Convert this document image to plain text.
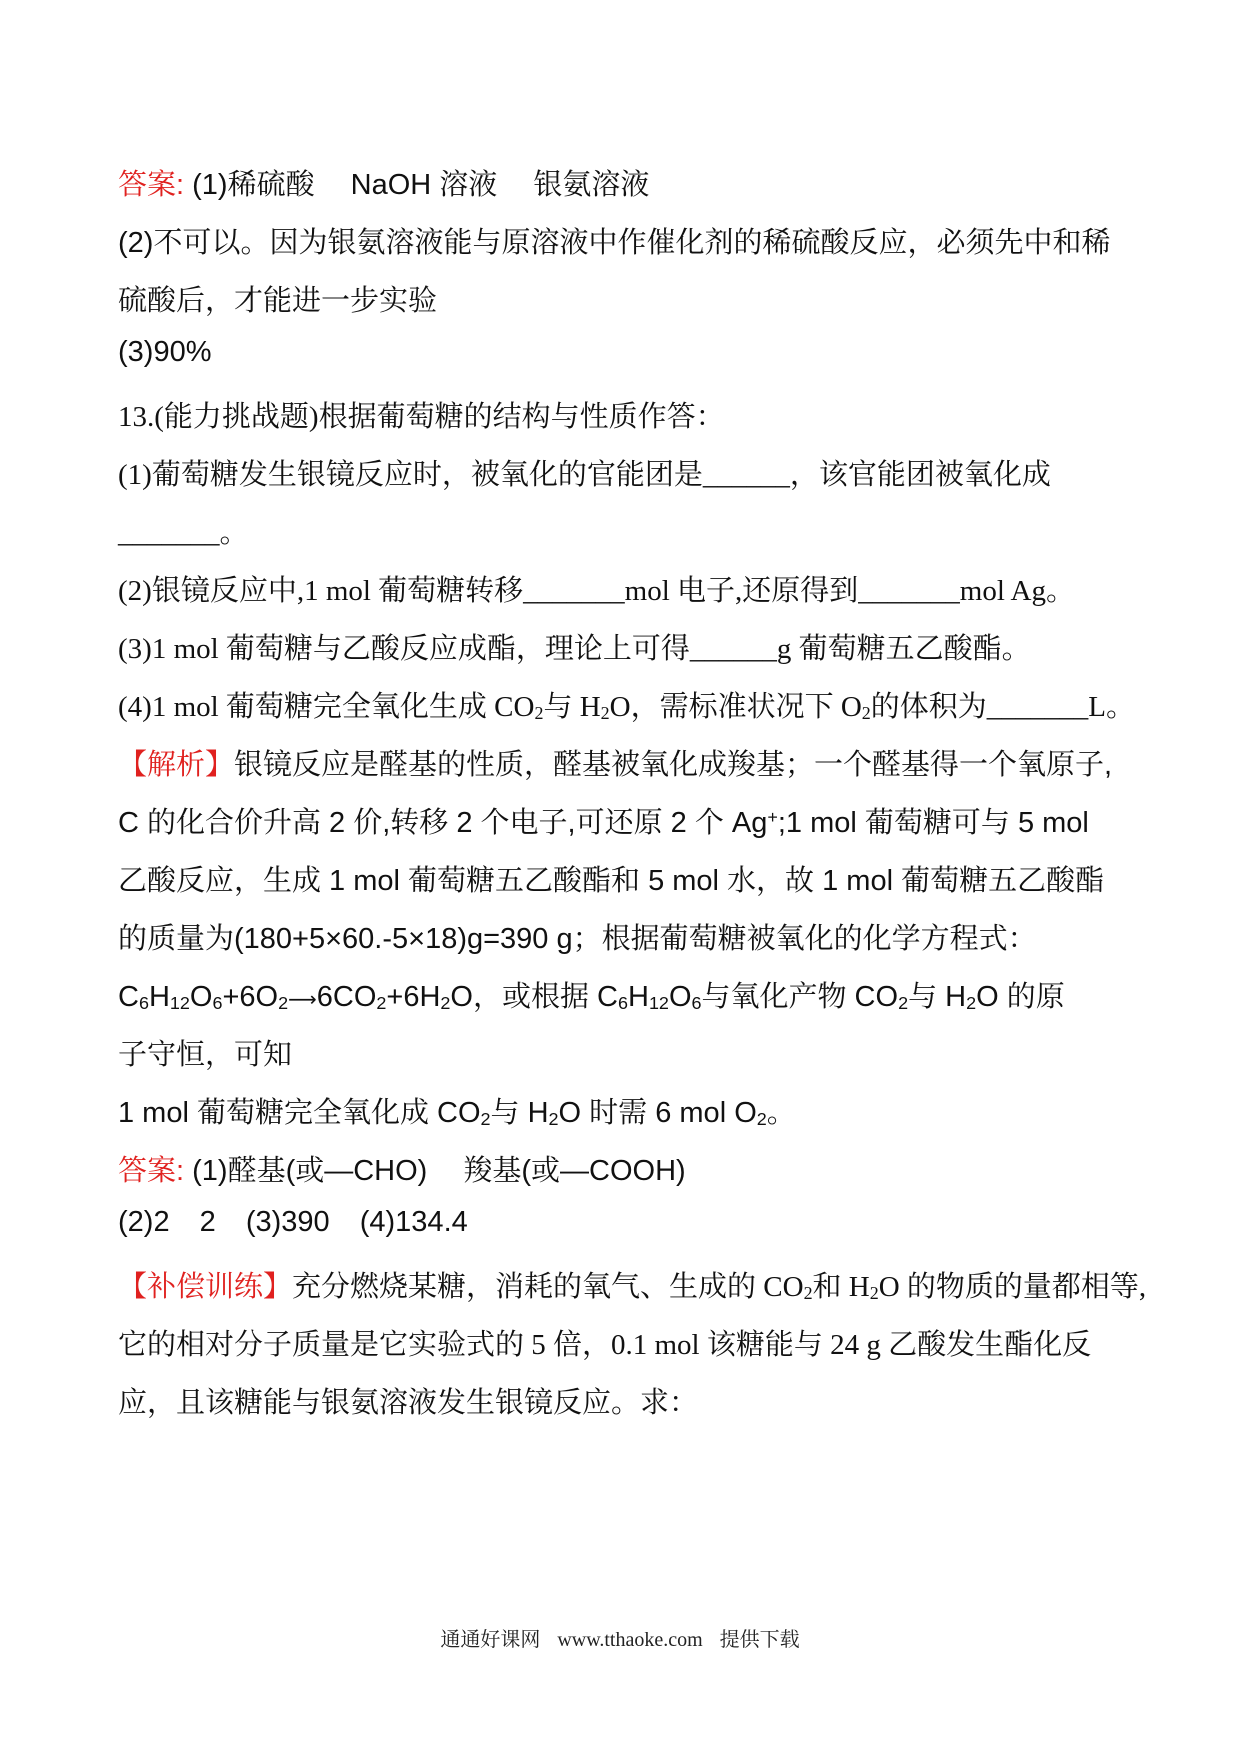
答案: (1)稀硫酸 NaOH 溶液 银氨溶液
(2)不可以。因为银氨溶液能与原溶液中作催化剂的稀硫酸反应，必须先中和稀
硫酸后，才能进一步实验
(3)90%
13.(能力挑战题)根据葡萄糖的结构与性质作答：
(1)葡萄糖发生银镜反应时，被氧化的官能团是______，该官能团被氧化成
_______。
(2)银镜反应中,1 mol 葡萄糖转移_______mol 电子,还原得到_______mol Ag。
(3)1 mol 葡萄糖与乙酸反应成酯，理论上可得______g 葡萄糖五乙酸酯。
(4)1 mol 葡萄糖完全氧化生成 $CO_2$与 $H_2O$，需标准状况下 $O_2$的体积为_______L。
【解析】银镜反应是醛基的性质，醛基被氧化成羧基；一个醛基得一个氧原子,
C 的化合价升高 2 价,转移 2 个电子,可还原 2 个 Ag+;1 mol 葡萄糖可与 5 mol
乙酸反应，生成 1 mol 葡萄糖五乙酸酯和 5 mol 水，故 1 mol 葡萄糖五乙酸酯
的质量为(180+5×60.-5×18)g=390 g；根据葡萄糖被氧化的化学方程式：
$C_6H_{12}O_6+6O_2⟶6CO_2+6H_2O$，或根据 $C_6H_{12}O_6$与氧化产物 $CO_2$与 $H_2O$ 的原
子守恒，可知
1 mol 葡萄糖完全氧化成 $CO_2$与 $H_2O$ 时需 6 mol $O_2$。
答案: (1)醛基(或—CHO) 羧基(或—COOH)
(2)2 2 (3)390 (4)134.4
【补偿训练】充分燃烧某糖，消耗的氧气、生成的 $CO_2$和 $H_2O$ 的物质的量都相等,
它的相对分子质量是它实验式的 5 倍，0.1 mol 该糖能与 24 g 乙酸发生酯化反
应，且该糖能与银氨溶液发生银镜反应。求：
通通好课网 www.tthaoke.com 提供下载
